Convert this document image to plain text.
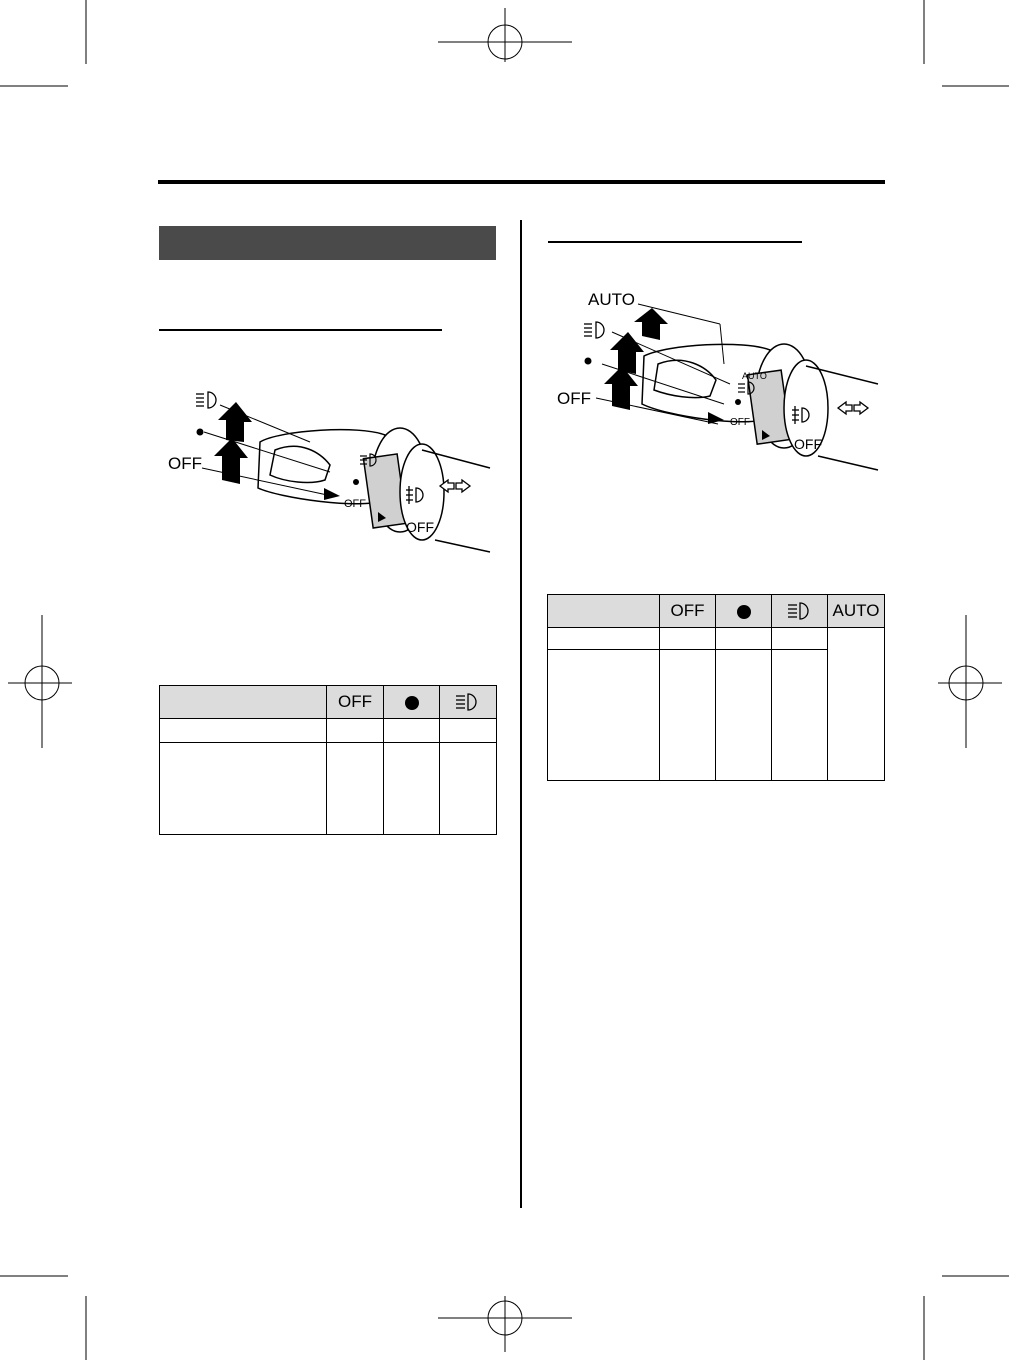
OFF
OFF
OFF
AUTO
OFF
AUTO
OFF
OFF
	OFF		

	OFF			AUTO
